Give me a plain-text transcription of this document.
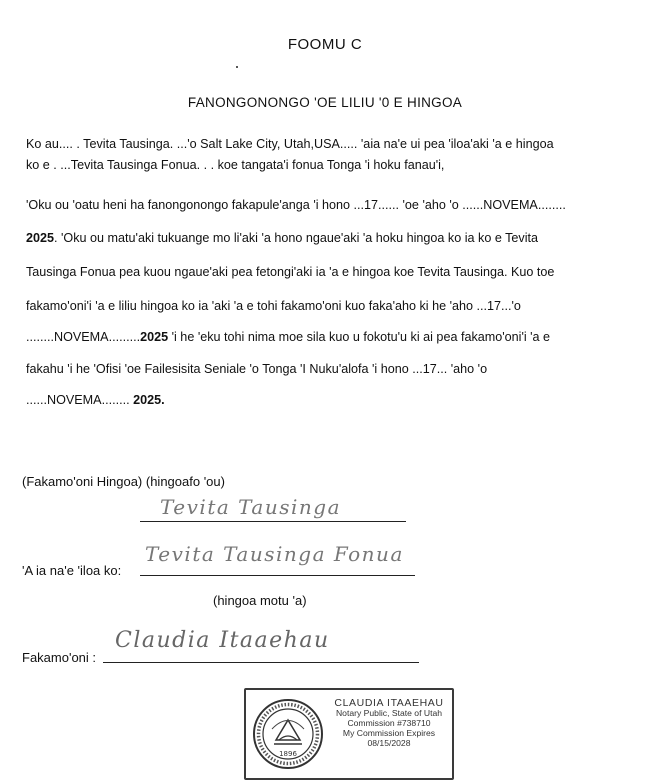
FOOMU C
FANONGONONGO 'OE LILIU '0 E HINGOA
Ko au.... . Tevita Tausinga. ...'o Salt Lake City, Utah,USA..... 'aia na'e ui pea 'iloa'aki 'a e hingoa
ko e . ...Tevita Tausinga Fonua. . . koe tangata'i fonua Tonga 'i hoku fanau'i,
'Oku ou 'oatu heni ha fanongonongo fakapule'anga 'i hono ...17...... 'oe 'aho 'o ......NOVEMA........
2025. 'Oku ou matu'aki tukuange mo li'aki 'a hono ngaue'aki 'a hoku hingoa ko ia ko e Tevita
Tausinga Fonua pea kuou ngaue'aki pea fetongi'aki ia 'a e hingoa koe Tevita Tausinga. Kuo toe
fakamo'oni'i 'a e liliu hingoa ko ia 'aki 'a e tohi fakamo'oni kuo faka'aho ki he 'aho ...17...'o
........NOVEMA.........2025 'i he 'eku tohi nima moe sila kuo u fokotu'u ki ai pea fakamo'oni'i 'a e
fakahu 'i he 'Ofisi 'oe Failesisita Seniale 'o Tonga 'I Nuku'alofa 'i hono ...17... 'aho 'o
......NOVEMA........ 2025.
(Fakamo'oni Hingoa) (hingoafo 'ou)
Tevita Tausinga
'A ia na'e 'iloa ko:
Tevita Tausinga Fonua
(hingoa motu 'a)
Fakamo'oni :
Claudia Itaaehau
1896
CLAUDIA ITAAEHAU
Notary Public, State of Utah
Commission #738710
My Commission Expires
08/15/2028
